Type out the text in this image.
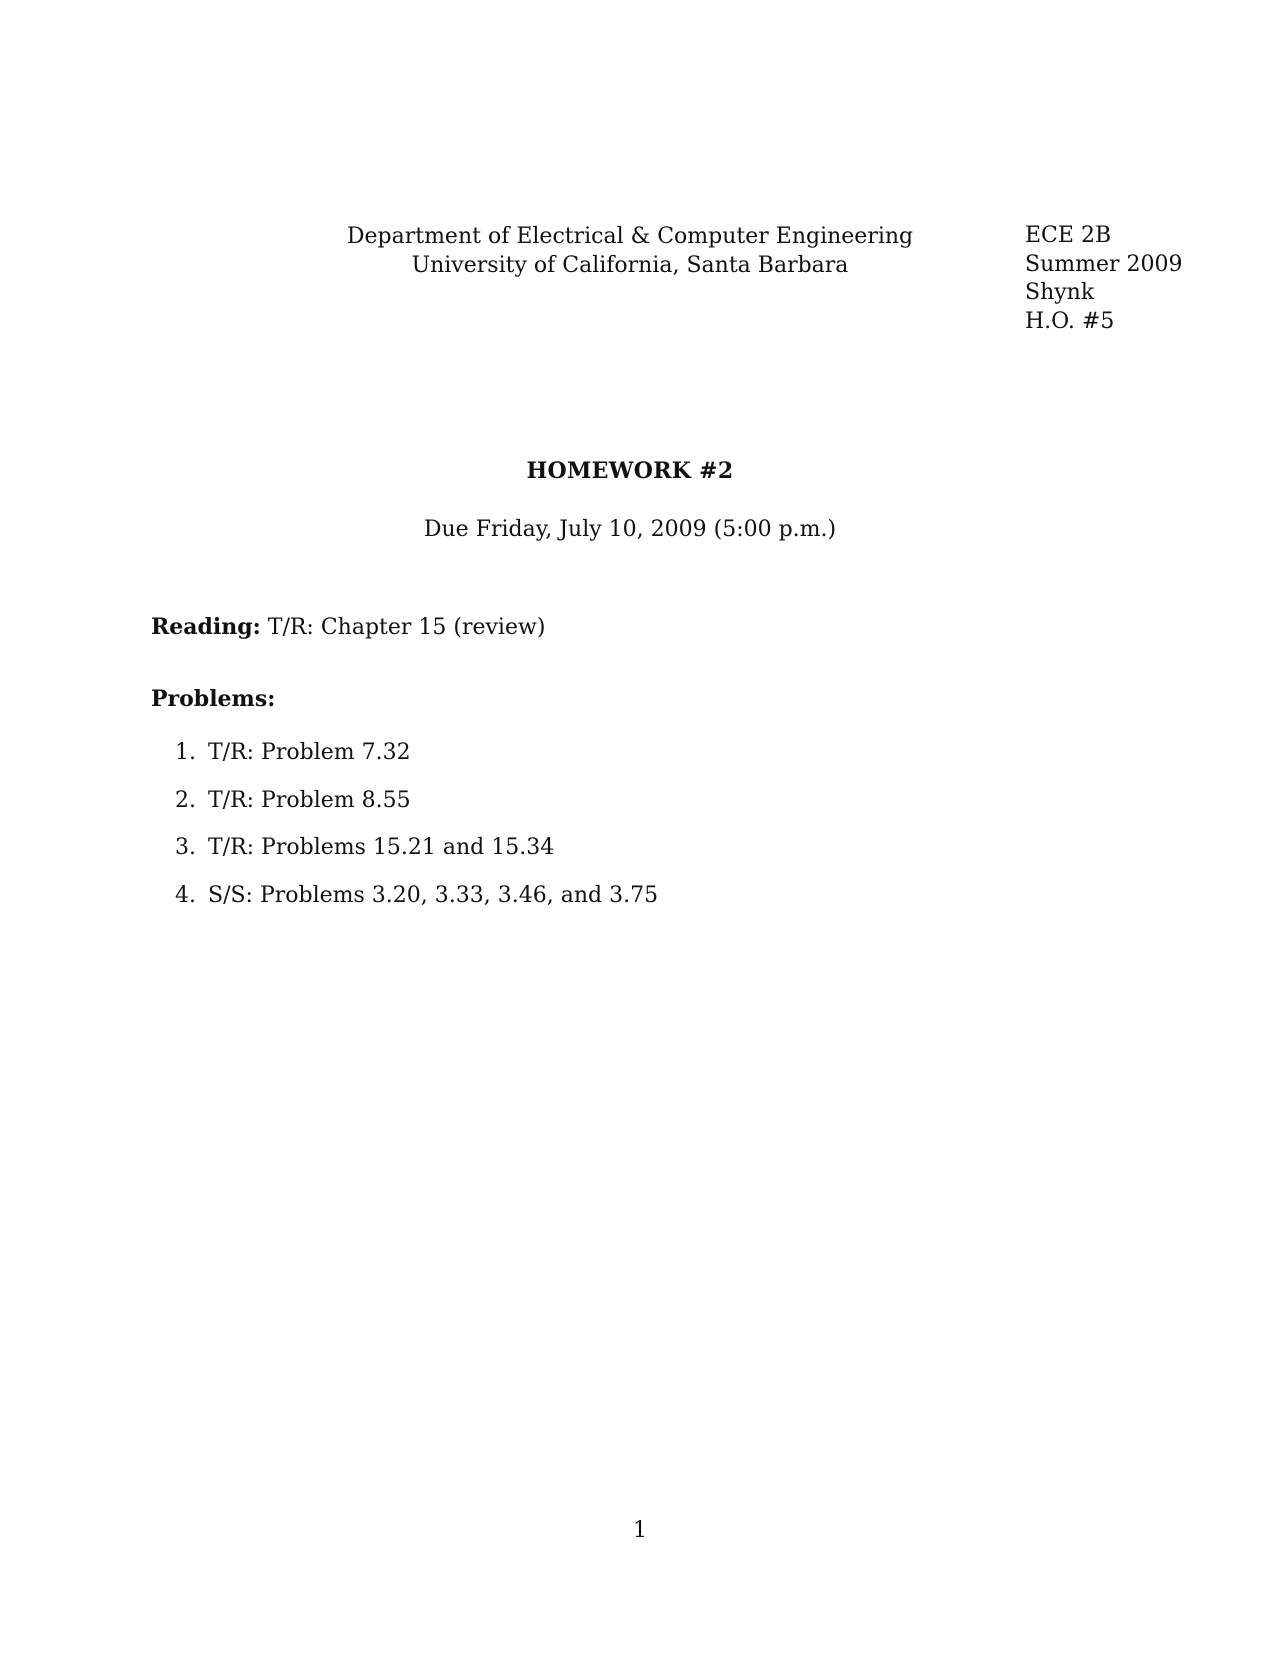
Department of Electrical & Computer Engineering
University of California, Santa Barbara
ECE 2B
Summer 2009
Shynk
H.O. #5
HOMEWORK #2
Due Friday, July 10, 2009 (5:00 p.m.)
Reading: T/R: Chapter 15 (review)
Problems:
1. T/R: Problem 7.32
2. T/R: Problem 8.55
3. T/R: Problems 15.21 and 15.34
4. S/S: Problems 3.20, 3.33, 3.46, and 3.75
1
